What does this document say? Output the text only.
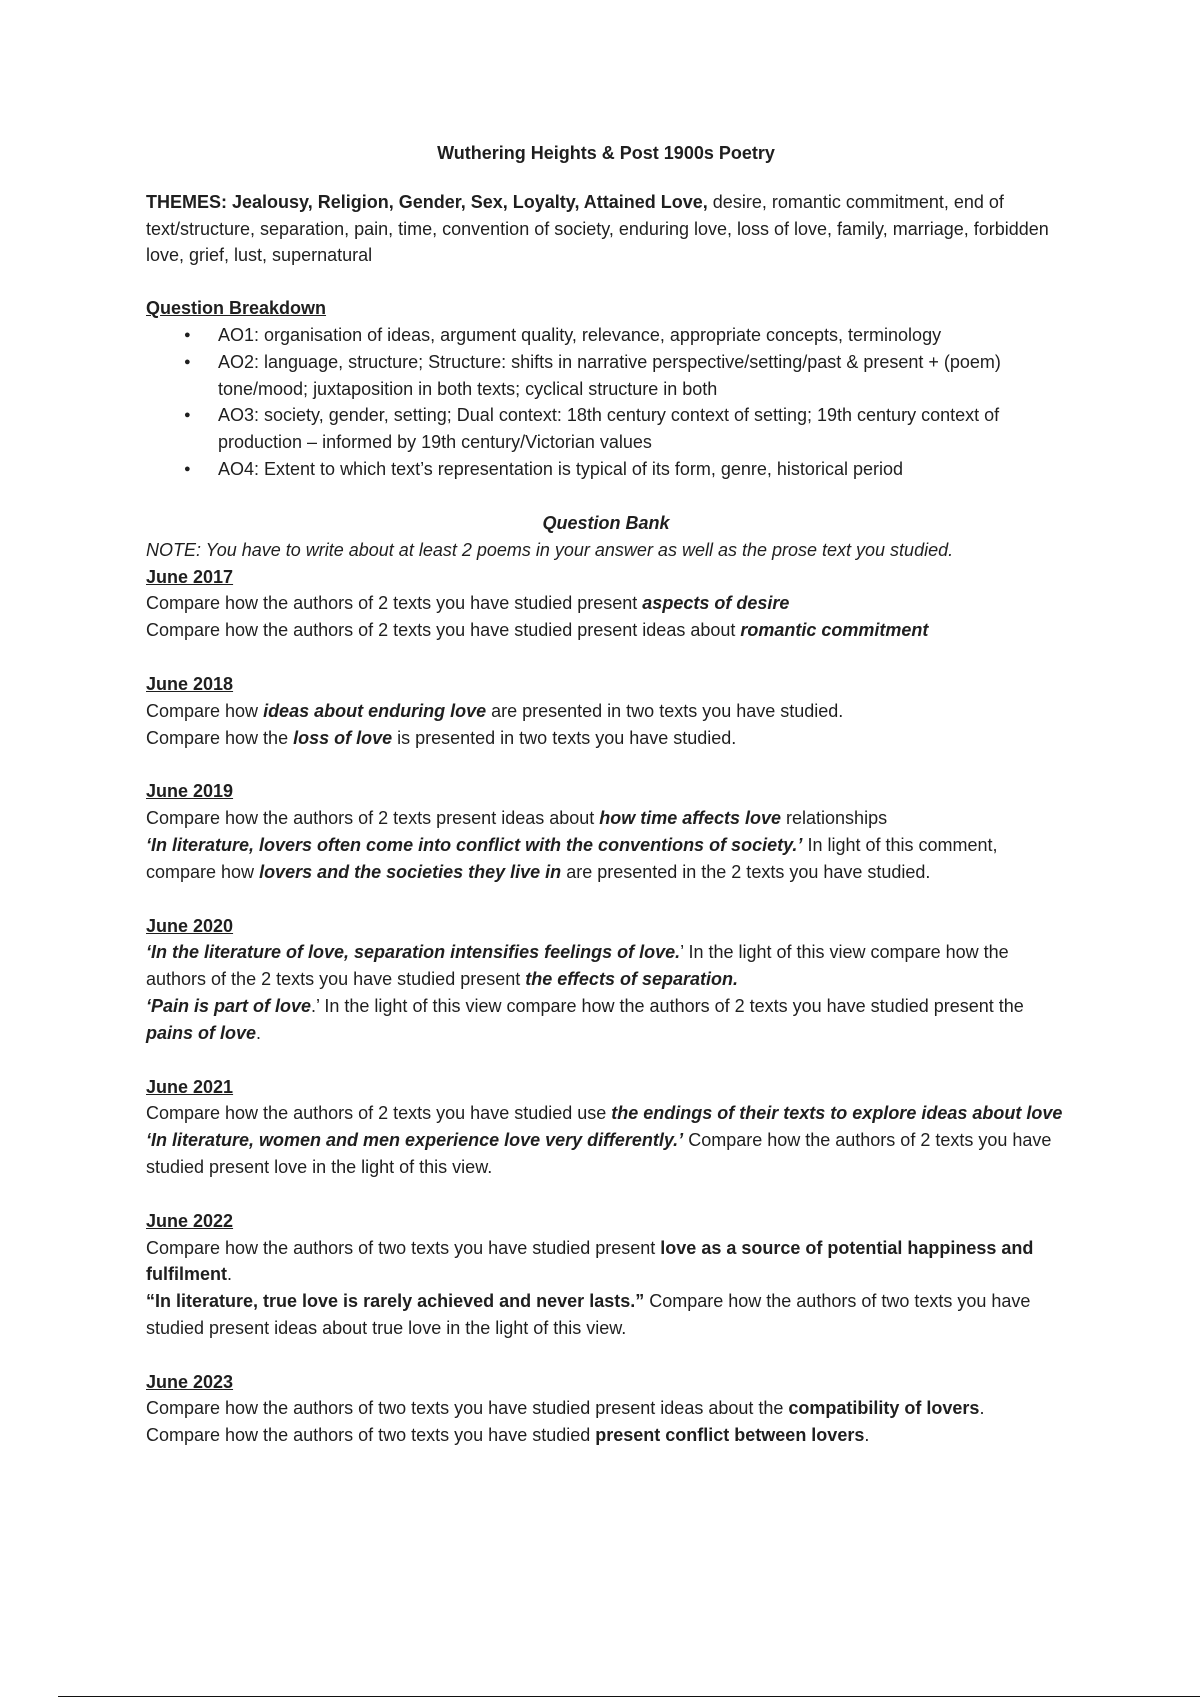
Wuthering Heights & Post 1900s Poetry

THEMES: Jealousy, Religion, Gender, Sex, Loyalty, Attained Love, desire, romantic commitment, end of text/structure, separation, pain, time, convention of society, enduring love, loss of love, family, marriage, forbidden love, grief, lust, supernatural

Question Breakdown
● AO1: organisation of ideas, argument quality, relevance, appropriate concepts, terminology
● AO2: language, structure; Structure: shifts in narrative perspective/setting/past & present + (poem) tone/mood; juxtaposition in both texts; cyclical structure in both
● AO3: society, gender, setting; Dual context: 18th century context of setting; 19th century context of production – informed by 19th century/Victorian values
● AO4: Extent to which text’s representation is typical of its form, genre, historical period
Question Bank

NOTE: You have to write about at least 2 poems in your answer as well as the prose text you studied.

June 2017

Compare how the authors of 2 texts you have studied present aspects of desire

Compare how the authors of 2 texts you have studied present ideas about romantic commitment

June 2018

Compare how ideas about enduring love are presented in two texts you have studied.

Compare how the loss of love is presented in two texts you have studied.

June 2019

Compare how the authors of 2 texts present ideas about how time affects love relationships

‘In literature, lovers often come into conflict with the conventions of society.’ In light of this comment, compare how lovers and the societies they live in are presented in the 2 texts you have studied.

June 2020

‘In the literature of love, separation intensifies feelings of love.’ In the light of this view compare how the authors of the 2 texts you have studied present the effects of separation.

‘Pain is part of love.’ In the light of this view compare how the authors of 2 texts you have studied present the pains of love.

June 2021

Compare how the authors of 2 texts you have studied use the endings of their texts to explore ideas about love

‘In literature, women and men experience love very differently.’ Compare how the authors of 2 texts you have studied present love in the light of this view.

June 2022

Compare how the authors of two texts you have studied present love as a source of potential happiness and fulfilment.

“In literature, true love is rarely achieved and never lasts.” Compare how the authors of two texts you have studied present ideas about true love in the light of this view.

June 2023

Compare how the authors of two texts you have studied present ideas about the compatibility of lovers.

Compare how the authors of two texts you have studied present conflict between lovers.
